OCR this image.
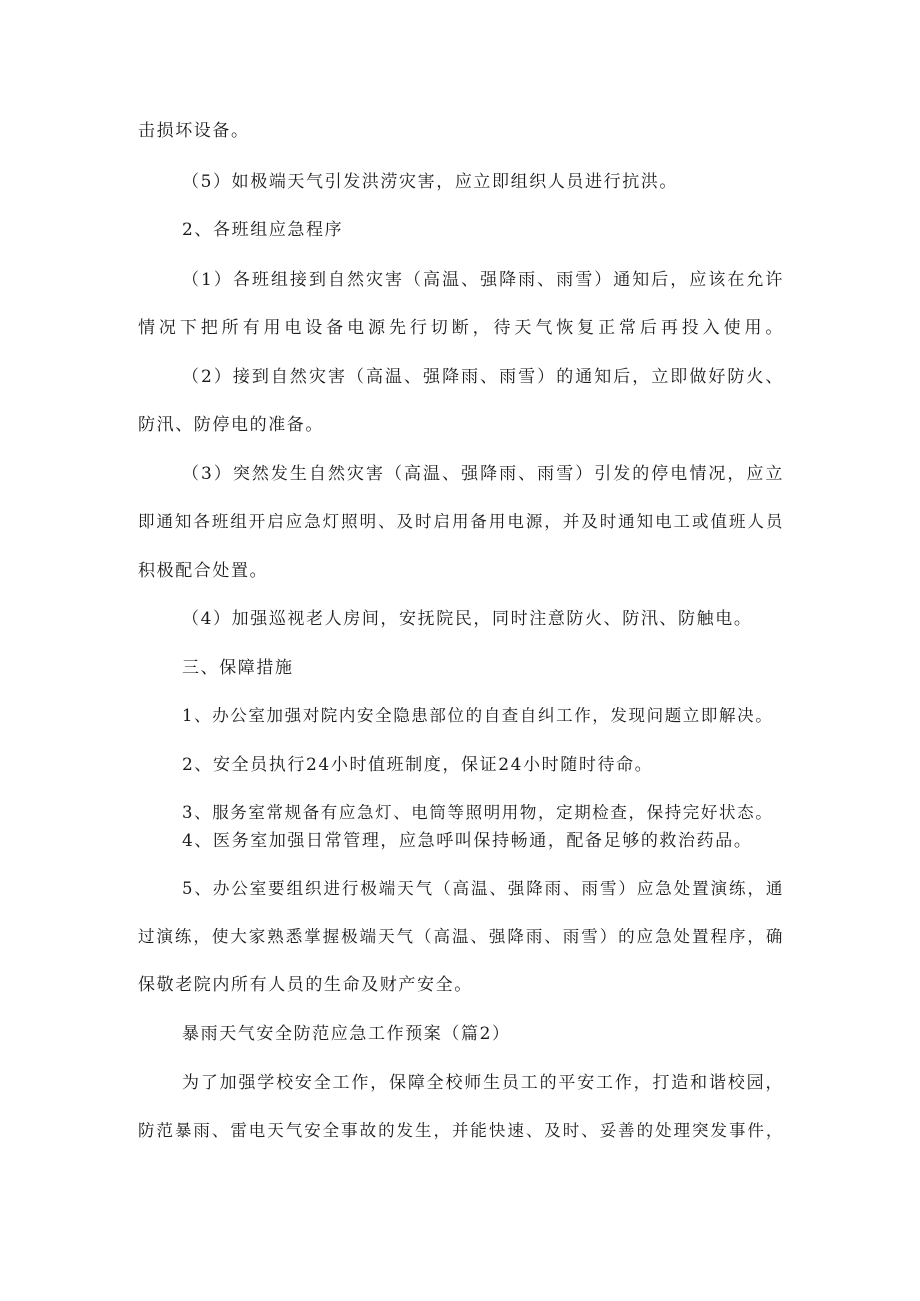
击损坏设备。
（5）如极端天气引发洪涝灾害，应立即组织人员进行抗洪。
2、各班组应急程序
（1）各班组接到自然灾害（高温、强降雨、雨雪）通知后，应该在允许
情况下把所有用电设备电源先行切断，待天气恢复正常后再投入使用。
（2）接到自然灾害（高温、强降雨、雨雪）的通知后，立即做好防火、
防汛、防停电的准备。
（3）突然发生自然灾害（高温、强降雨、雨雪）引发的停电情况，应立
即通知各班组开启应急灯照明、及时启用备用电源，并及时通知电工或值班人员
积极配合处置。
（4）加强巡视老人房间，安抚院民，同时注意防火、防汛、防触电。
三、保障措施
1、办公室加强对院内安全隐患部位的自查自纠工作，发现问题立即解决。
2、安全员执行24小时值班制度，保证24小时随时待命。
3、服务室常规备有应急灯、电筒等照明用物，定期检查，保持完好状态。
4、医务室加强日常管理，应急呼叫保持畅通，配备足够的救治药品。
5、办公室要组织进行极端天气（高温、强降雨、雨雪）应急处置演练，通
过演练，使大家熟悉掌握极端天气（高温、强降雨、雨雪）的应急处置程序，确
保敬老院内所有人员的生命及财产安全。
暴雨天气安全防范应急工作预案（篇2）
为了加强学校安全工作，保障全校师生员工的平安工作，打造和谐校园，
防范暴雨、雷电天气安全事故的发生，并能快速、及时、妥善的处理突发事件，
